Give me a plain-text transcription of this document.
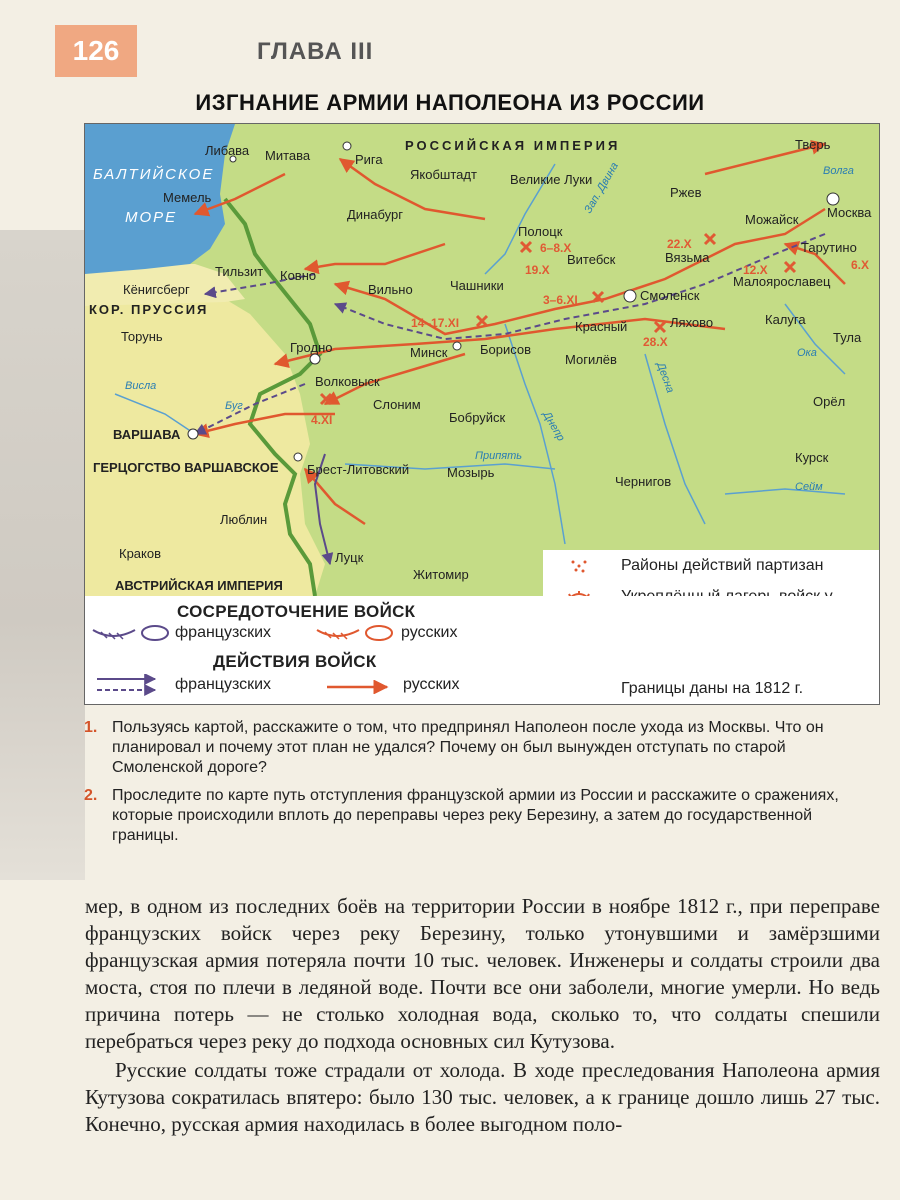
126	ГЛАВА III
ИЗГНАНИЕ АРМИИ НАПОЛЕОНА ИЗ РОССИИ
РОССИЙСКАЯ ИМПЕРИЯ
КОР. ПРУССИЯ
ГЕРЦОГСТВО ВАРШАВСКОЕ
АВСТРИЙСКАЯ ИМПЕРИЯ
БАЛТИЙСКОЕ
МОРЕ
Либава Митава	Рига
Якобштадт	Великие Луки
Тверь
Мемель
Динабург
Ржев
Можайск Москва
Полоцк
Витебск	Вязьма
Тарутино
Тильзит Ковно
Кёнигсберг
Малоярославец
Чашники
Смоленск
Вильно
Калуга
Красный	Ляхово
Тула
Торунь
Гродно	Минск	Борисов
Могилёв
Волковыск
Слоним	Орёл
Бобруйск
ВАРШАВА
Курск
Брест-Литовский	Мозырь
Чернигов
Люблин
Краков	Луцк
Житомир
Волга
Зап. Двина
Ока
Десна
Днепр
Припять
Буг
Висла
Сейм
6–8.X
19.X
22.X
12.X	6.X
3–6.XI
14–17.XI
28.X
4.XI
Районы действий партизан
СОСРЕДОТОЧЕНИЕ ВОЙСК
французских	русских
ДЕЙСТВИЯ ВОЙСК
французских	русских	Границы даны на 1812 г.
1. Пользуясь картой, расскажите о том, что предпринял Наполеон после ухода из Москвы. Что он планировал и почему этот план не удался? Почему он был вынужден отступать по старой Смоленской дороге?
2. Проследите по карте путь отступления французской армии из России и расскажите о сражениях, которые происходили вплоть до переправы через реку Березину, а затем до государственной границы.

мер, в одном из последних боёв на территории России в ноябре 1812 г., при переправе французских войск через реку Березину, только утонувшими и замёрзшими французская армия потеряла почти 10 тыс. человек. Инженеры и солдаты строили два моста, стоя по плечи в ледяной воде. Почти все они заболели, многие умерли. Но ведь причина потерь — не столько холодная вода, сколько то, что солдаты спешили перебраться через реку до подхода основных сил Кутузова.

Русские солдаты тоже страдали от холода. В ходе преследования Наполеона армия Кутузова сократилась впятеро: было 130 тыс. человек, а к границе дошло лишь 27 тыс. Конечно, русская армия находилась в более выгодном поло-
